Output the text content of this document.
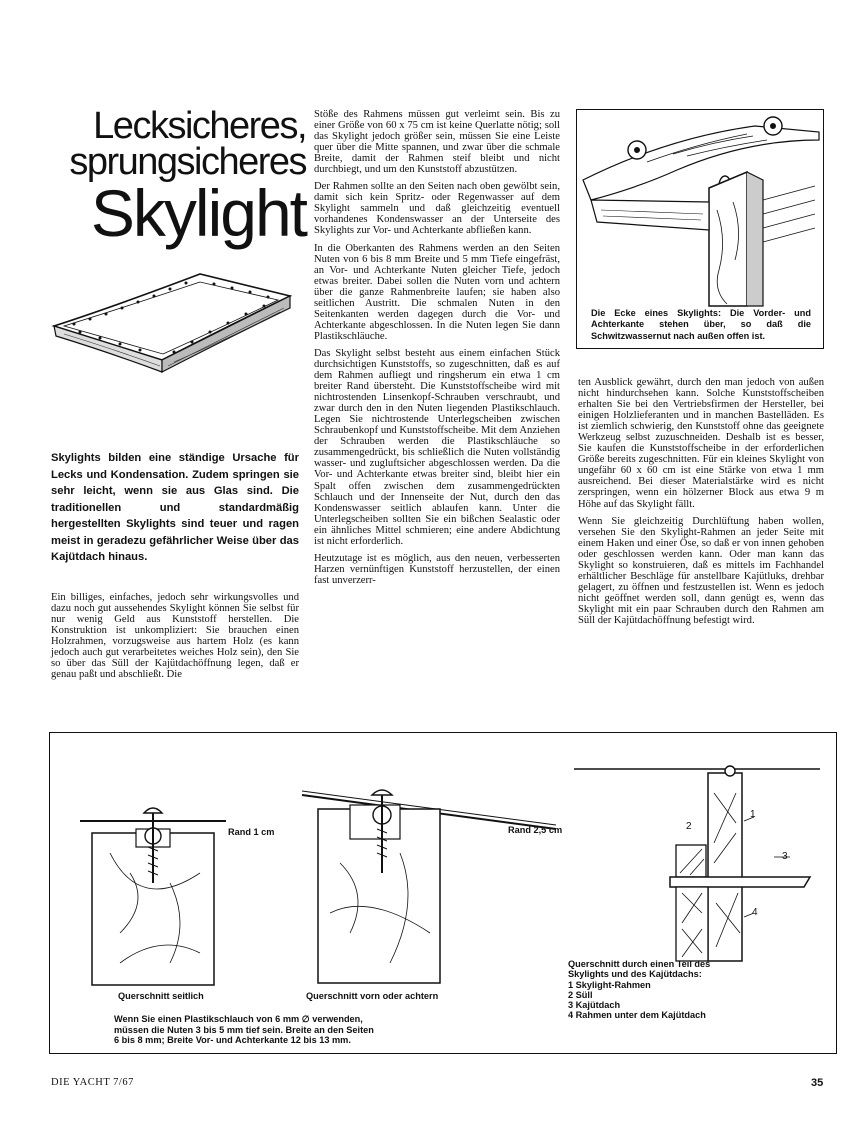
Lecksicheres,
sprungsicheres
Skylight
Skylights bilden eine ständige Ursache für Lecks und Kondensation. Zudem springen sie sehr leicht, wenn sie aus Glas sind. Die traditionellen und standardmäßig hergestellten Skylights sind teuer und ragen meist in geradezu gefährlicher Weise über das Kajütdach hinaus.

Ein billiges, einfaches, jedoch sehr wirkungsvolles und dazu noch gut aussehendes Skylight können Sie selbst für nur wenig Geld aus Kunststoff herstellen. Die Konstruktion ist unkompliziert: Sie brauchen einen Holzrahmen, vorzugsweise aus hartem Holz (es kann jedoch auch gut verarbeitetes weiches Holz sein), den Sie so über das Süll der Kajütdachöffnung legen, daß er genau paßt und abschließt. Die

Stöße des Rahmens müssen gut verleimt sein. Bis zu einer Größe von 60 x 75 cm ist keine Querlatte nötig; soll das Skylight jedoch größer sein, müssen Sie eine Leiste quer über die Mitte spannen, und zwar über die schmale Breite, damit der Rahmen steif bleibt und nicht durchbiegt, und um den Kunststoff abzustützen.

Der Rahmen sollte an den Seiten nach oben gewölbt sein, damit sich kein Spritz- oder Regenwasser auf dem Skylight sammeln und daß gleichzeitig eventuell vorhandenes Kondenswasser an der Unterseite des Skylights zur Vor- und Achterkante abfließen kann.

In die Oberkanten des Rahmens werden an den Seiten Nuten von 6 bis 8 mm Breite und 5 mm Tiefe eingefräst, an Vor- und Achterkante Nuten gleicher Tiefe, jedoch etwas breiter. Dabei sollen die Nuten vorn und achtern über die ganze Rahmenbreite laufen; sie haben also seitlichen Austritt. Die schmalen Nuten in den Seitenkanten werden dagegen durch die Vor- und Achterkante abgeschlossen. In die Nuten legen Sie dann Plastikschläuche.

Das Skylight selbst besteht aus einem einfachen Stück durchsichtigen Kunststoffs, so zugeschnitten, daß es auf dem Rahmen aufliegt und ringsherum ein etwa 1 cm breiter Rand übersteht. Die Kunststoffscheibe wird mit nichtrostenden Linsenkopf-Schrauben verschraubt, und zwar durch den in den Nuten liegenden Plastikschlauch. Legen Sie nichtrostende Unterlegscheiben zwischen Schraubenkopf und Kunststoffscheibe. Mit dem Anziehen der Schrauben werden die Plastikschläuche so zusammengedrückt, bis schließlich die Nuten vollständig wasser- und zugluftsicher abgeschlossen werden. Da die Vor- und Achterkante etwas breiter sind, bleibt hier ein Spalt offen zwischen dem zusammengedrückten Schlauch und der Innenseite der Nut, durch den das Kondenswasser seitlich ablaufen kann. Unter die Unterlegscheiben sollten Sie ein bißchen Sealastic oder ein ähnliches Mittel schmieren; eine andere Abdichtung ist nicht erforderlich.

Heutzutage ist es möglich, aus den neuen, verbesserten Harzen vernünftigen Kunststoff herzustellen, der einen fast unverzerr-

Die Ecke eines Skylights: Die Vorder- und Achterkante stehen über, so daß die Schwitzwassernut nach außen offen ist.

ten Ausblick gewährt, durch den man jedoch von außen nicht hindurchsehen kann. Solche Kunststoffscheiben erhalten Sie bei den Vertriebsfirmen der Hersteller, bei einigen Holzlieferanten und in manchen Bastelläden. Es ist ziemlich schwierig, den Kunststoff ohne das geeignete Werkzeug selbst zuzuschneiden. Deshalb ist es besser, Sie kaufen die Kunststoffscheibe in der erforderlichen Größe bereits zugeschnitten. Für ein kleines Skylight von ungefähr 60 x 60 cm ist eine Stärke von etwa 1 mm ausreichend. Bei dieser Materialstärke wird es nicht zerspringen, wenn ein hölzerner Block aus etwa 9 m Höhe auf das Skylight fällt.

Wenn Sie gleichzeitig Durchlüftung haben wollen, versehen Sie den Skylight-Rahmen an jeder Seite mit einem Haken und einer Öse, so daß er von innen gehoben oder geschlossen werden kann. Oder man kann das Skylight so konstruieren, daß es mittels im Fachhandel erhältlicher Beschläge für anstellbare Kajütluks, drehbar gelagert, zu öffnen und festzustellen ist. Wenn es jedoch nicht geöffnet werden soll, dann genügt es, wenn das Skylight mit ein paar Schrauben durch den Rahmen am Süll der Kajütdachöffnung befestigt wird.

Rand 1 cm	Rand 2,5 cm
Querschnitt seitlich	Querschnitt vorn oder achtern
1
2
3
4
Querschnitt durch einen Teil des
Skylights und des Kajütdachs:
1 Skylight-Rahmen
2 Süll
3 Kajütdach
4 Rahmen unter dem Kajütdach
Wenn Sie einen Plastikschlauch von 6 mm ∅ verwenden,
müssen die Nuten 3 bis 5 mm tief sein. Breite an den Seiten
6 bis 8 mm; Breite Vor- und Achterkante 12 bis 13 mm.
DIE YACHT 7/67	35
